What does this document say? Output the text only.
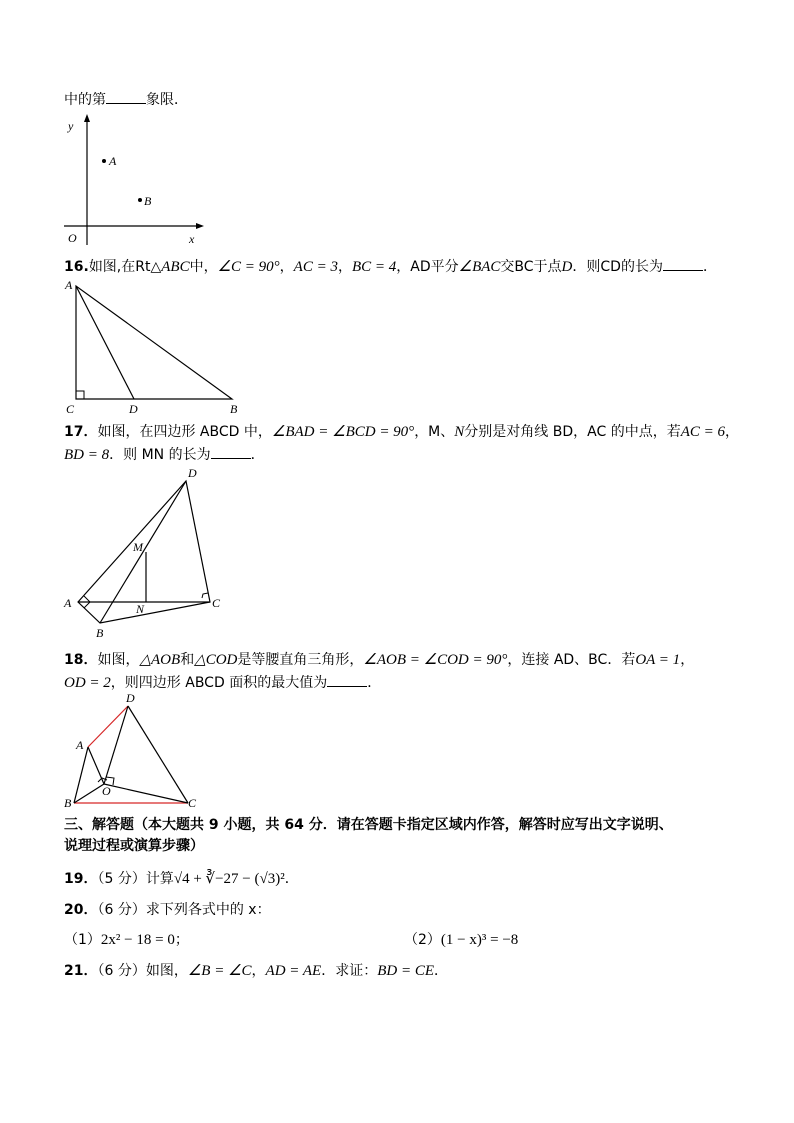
中的第	象限．
y
x
O
A
B
16.如图,在Rt△ABC中，∠C = 90°，AC = 3，BC = 4，AD平分∠BAC交BC于点D．则CD的长为	．
A
C	D	B
17．如图，在四边形 ABCD 中，∠BAD = ∠BCD = 90°，M、N分别是对角线 BD，AC 的中点，若AC = 6，
BD = 8．则 MN 的长为	．
D
M
A	N	C
B
18．如图，△AOB和△COD是等腰直角三角形，∠AOB = ∠COD = 90°，连接 AD、BC．若OA = 1，
OD = 2，则四边形 ABCD 面积的最大值为	．
D
A
O
B	C
三、解答题（本大题共 9 小题，共 64 分．请在答题卡指定区域内作答，解答时应写出文字说明、
说理过程或演算步骤）
19．（5 分）计算√4 + ∛−27 − (√3)²．
20．（6 分）求下列各式中的 x：
（1）2x² − 18 = 0；	（2）(1 − x)³ = −8
21．（6 分）如图，∠B = ∠C，AD = AE．求证：BD = CE．
